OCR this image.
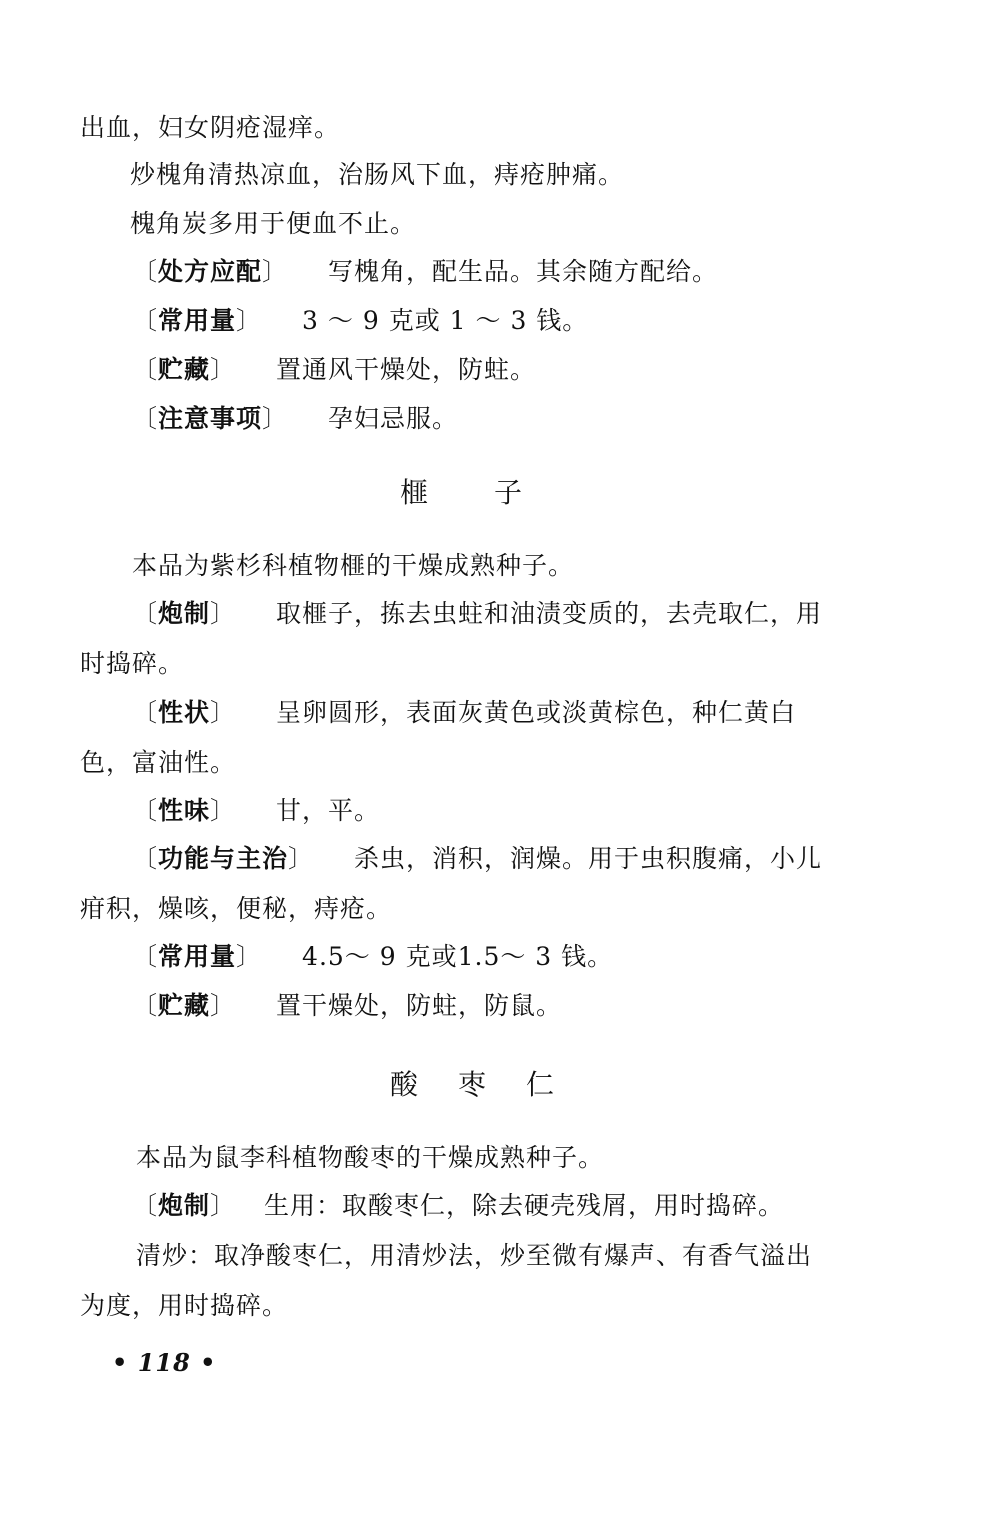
出血，妇女阴疮湿痒。
炒槐角清热凉血，治肠风下血，痔疮肿痛。
槐角炭多用于便血不止。
〔处方应配〕 写槐角，配生品。其余随方配给。
〔常用量〕 3 ～ 9 克或 1 ～ 3 钱。
〔贮藏〕 置通风干燥处，防蛀。
〔注意事项〕 孕妇忌服。
榧 子
本品为紫杉科植物榧的干燥成熟种子。
〔炮制〕 取榧子，拣去虫蛀和油渍变质的，去壳取仁，用
时捣碎。
〔性状〕 呈卵圆形，表面灰黄色或淡黄棕色，种仁黄白
色，富油性。
〔性味〕 甘，平。
〔功能与主治〕 杀虫，消积，润燥。用于虫积腹痛，小儿
疳积，燥咳，便秘，痔疮。
〔常用量〕 4.5～ 9 克或1.5～ 3 钱。
〔贮藏〕 置干燥处，防蛀，防鼠。
酸 枣 仁
本品为鼠李科植物酸枣的干燥成熟种子。
〔炮制〕 生用：取酸枣仁，除去硬壳残屑，用时捣碎。
清炒：取净酸枣仁，用清炒法，炒至微有爆声、有香气溢出
为度，用时捣碎。
• 118 •
